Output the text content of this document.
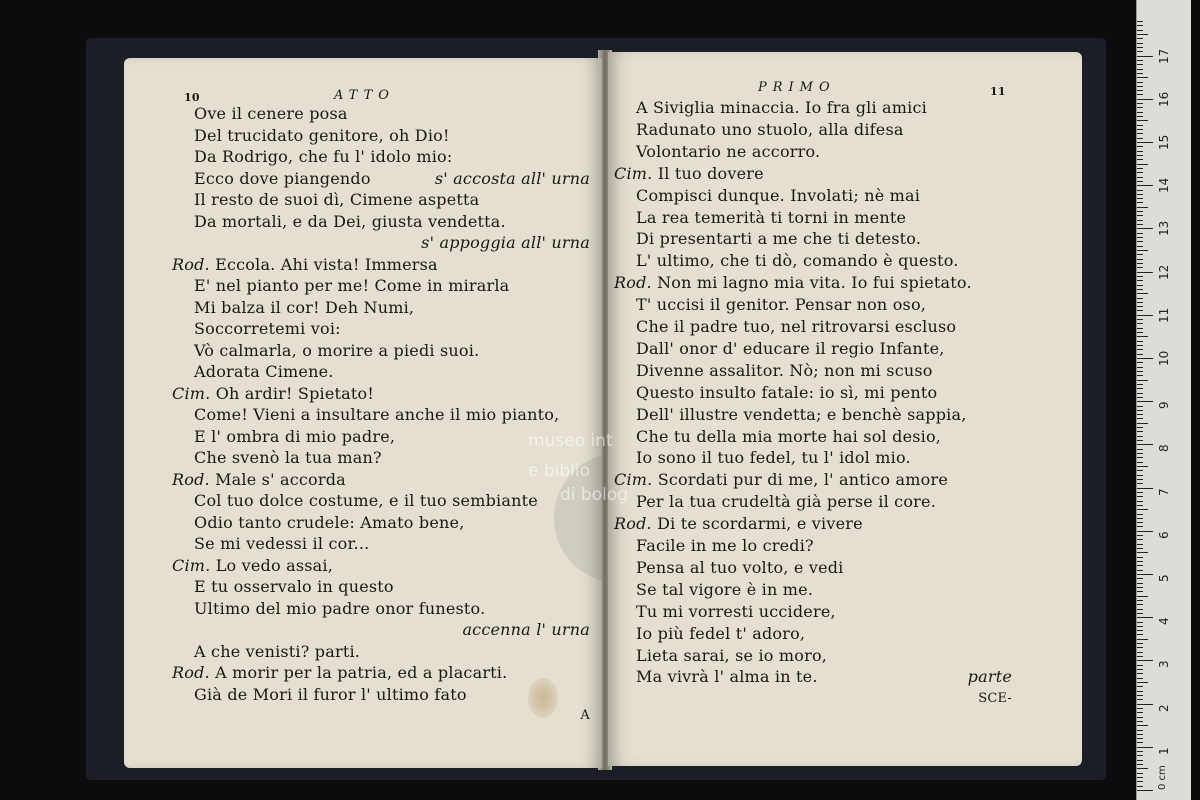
10	ATTO
Ove il cenere posa
Del trucidato genitore, oh Dio!
Da Rodrigo, che fu l' idolo mio:
Ecco dove piangendo	s' accosta all' urna
Il resto de suoi dì, Cimene aspetta
Da mortali, e da Dei, giusta vendetta.
s' appoggia all' urna
Rod. Eccola. Ahi vista! Immersa
E' nel pianto per me! Come in mirarla
Mi balza il cor! Deh Numi,
Soccorretemi voi:
Vò calmarla, o morire a piedi suoi.
Adorata Cimene.
Cim. Oh ardir! Spietato!
Come! Vieni a insultare anche il mio pianto,
E l' ombra di mio padre,
Che svenò la tua man?
Rod. Male s' accorda
Col tuo dolce costume, e il tuo sembiante
Odio tanto crudele: Amato bene,
Se mi vedessi il cor...
Cim. Lo vedo assai,
E tu osservalo in questo
Ultimo del mio padre onor funesto.
accenna l' urna
A che venisti? parti.
Rod. A morir per la patria, ed a placarti.
Già de Mori il furor l' ultimo fato
A
PRIMO	11
A Siviglia minaccia. Io fra gli amici
Radunato uno stuolo, alla difesa
Volontario ne accorro.
Cim. Il tuo dovere
Compisci dunque. Involati; nè mai
La rea temerità ti torni in mente
Di presentarti a me che ti detesto.
L' ultimo, che ti dò, comando è questo.
Rod. Non mi lagno mia vita. Io fui spietato.
T' uccisi il genitor. Pensar non oso,
Che il padre tuo, nel ritrovarsi escluso
Dall' onor d' educare il regio Infante,
Divenne assalitor. Nò; non mi scuso
Questo insulto fatale: io sì, mi pento
Dell' illustre vendetta; e benchè sappia,
Che tu della mia morte hai sol desio,
Io sono il tuo fedel, tu l' idol mio.
Cim. Scordati pur di me, l' antico amore
Per la tua crudeltà già perse il core.
Rod. Di te scordarmi, e vivere
Facile in me lo credi?
Pensa al tuo volto, e vedi
Se tal vigore è in me.
Tu mi vorresti uccidere,
Io più fedel t' adoro,
Lieta sarai, se io moro,
Ma vivrà l' alma in te.	parte
SCE-
museo int
e biblio
di bolog
0 cm
1
2
3
4
5
6
7
8
9
10
11
12
13
14
15
16
17
